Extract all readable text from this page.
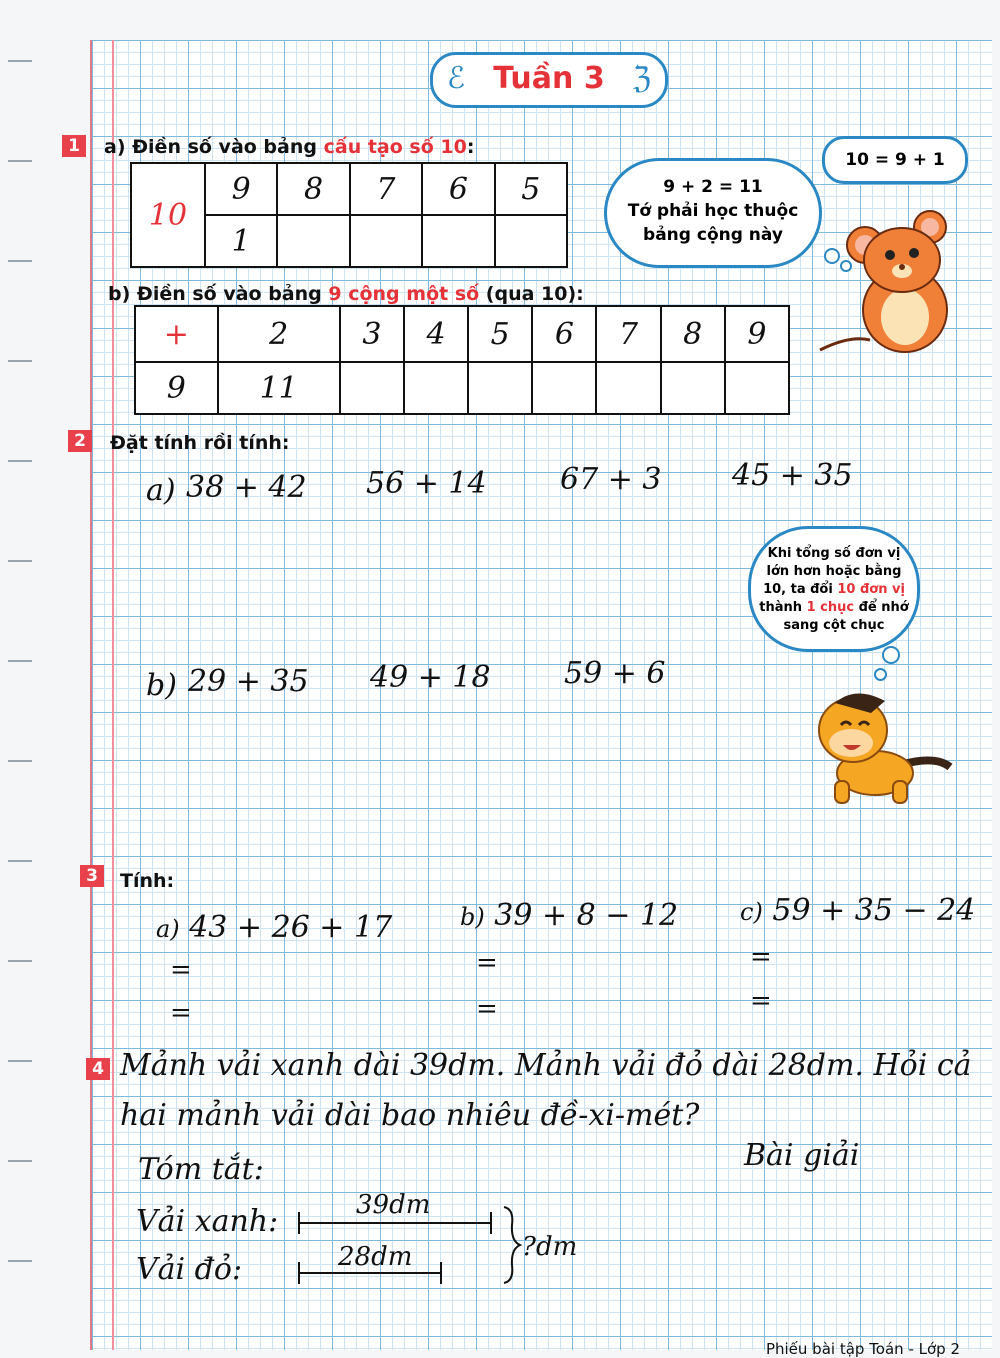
ℰ Tuần 3 ℨ
1	a) Điền số vào bảng cấu tạo số 10:
10	9	8	7	6	5
	1				
b) Điền số vào bảng 9 cộng một số (qua 10):
+	2	3	4	5	6	7	8	9
9	11							
10 = 9 + 1
9 + 2 = 11
Tớ phải học thuộc
bảng cộng này
2	Đặt tính rồi tính:
a) 38 + 42 56 + 14 67 + 3 45 + 35
b) 29 + 35 49 + 18 59 + 6
Khi tổng số đơn vị
lớn hơn hoặc bằng
10, ta đổi 10 đơn vị
thành 1 chục để nhớ
sang cột chục
3	Tính:
a) 43 + 26 + 17	b) 39 + 8 − 12	c) 59 + 35 − 24
=
=
=
=
=
=
4 Mảnh vải xanh dài 39dm. Mảnh vải đỏ dài 28dm. Hỏi cả
hai mảnh vải dài bao nhiêu đề-xi-mét?
Tóm tắt:	Bài giải
Vải xanh:	39dm
Vải đỏ:	28dm	?dm
Phiếu bài tập Toán - Lớp 2
